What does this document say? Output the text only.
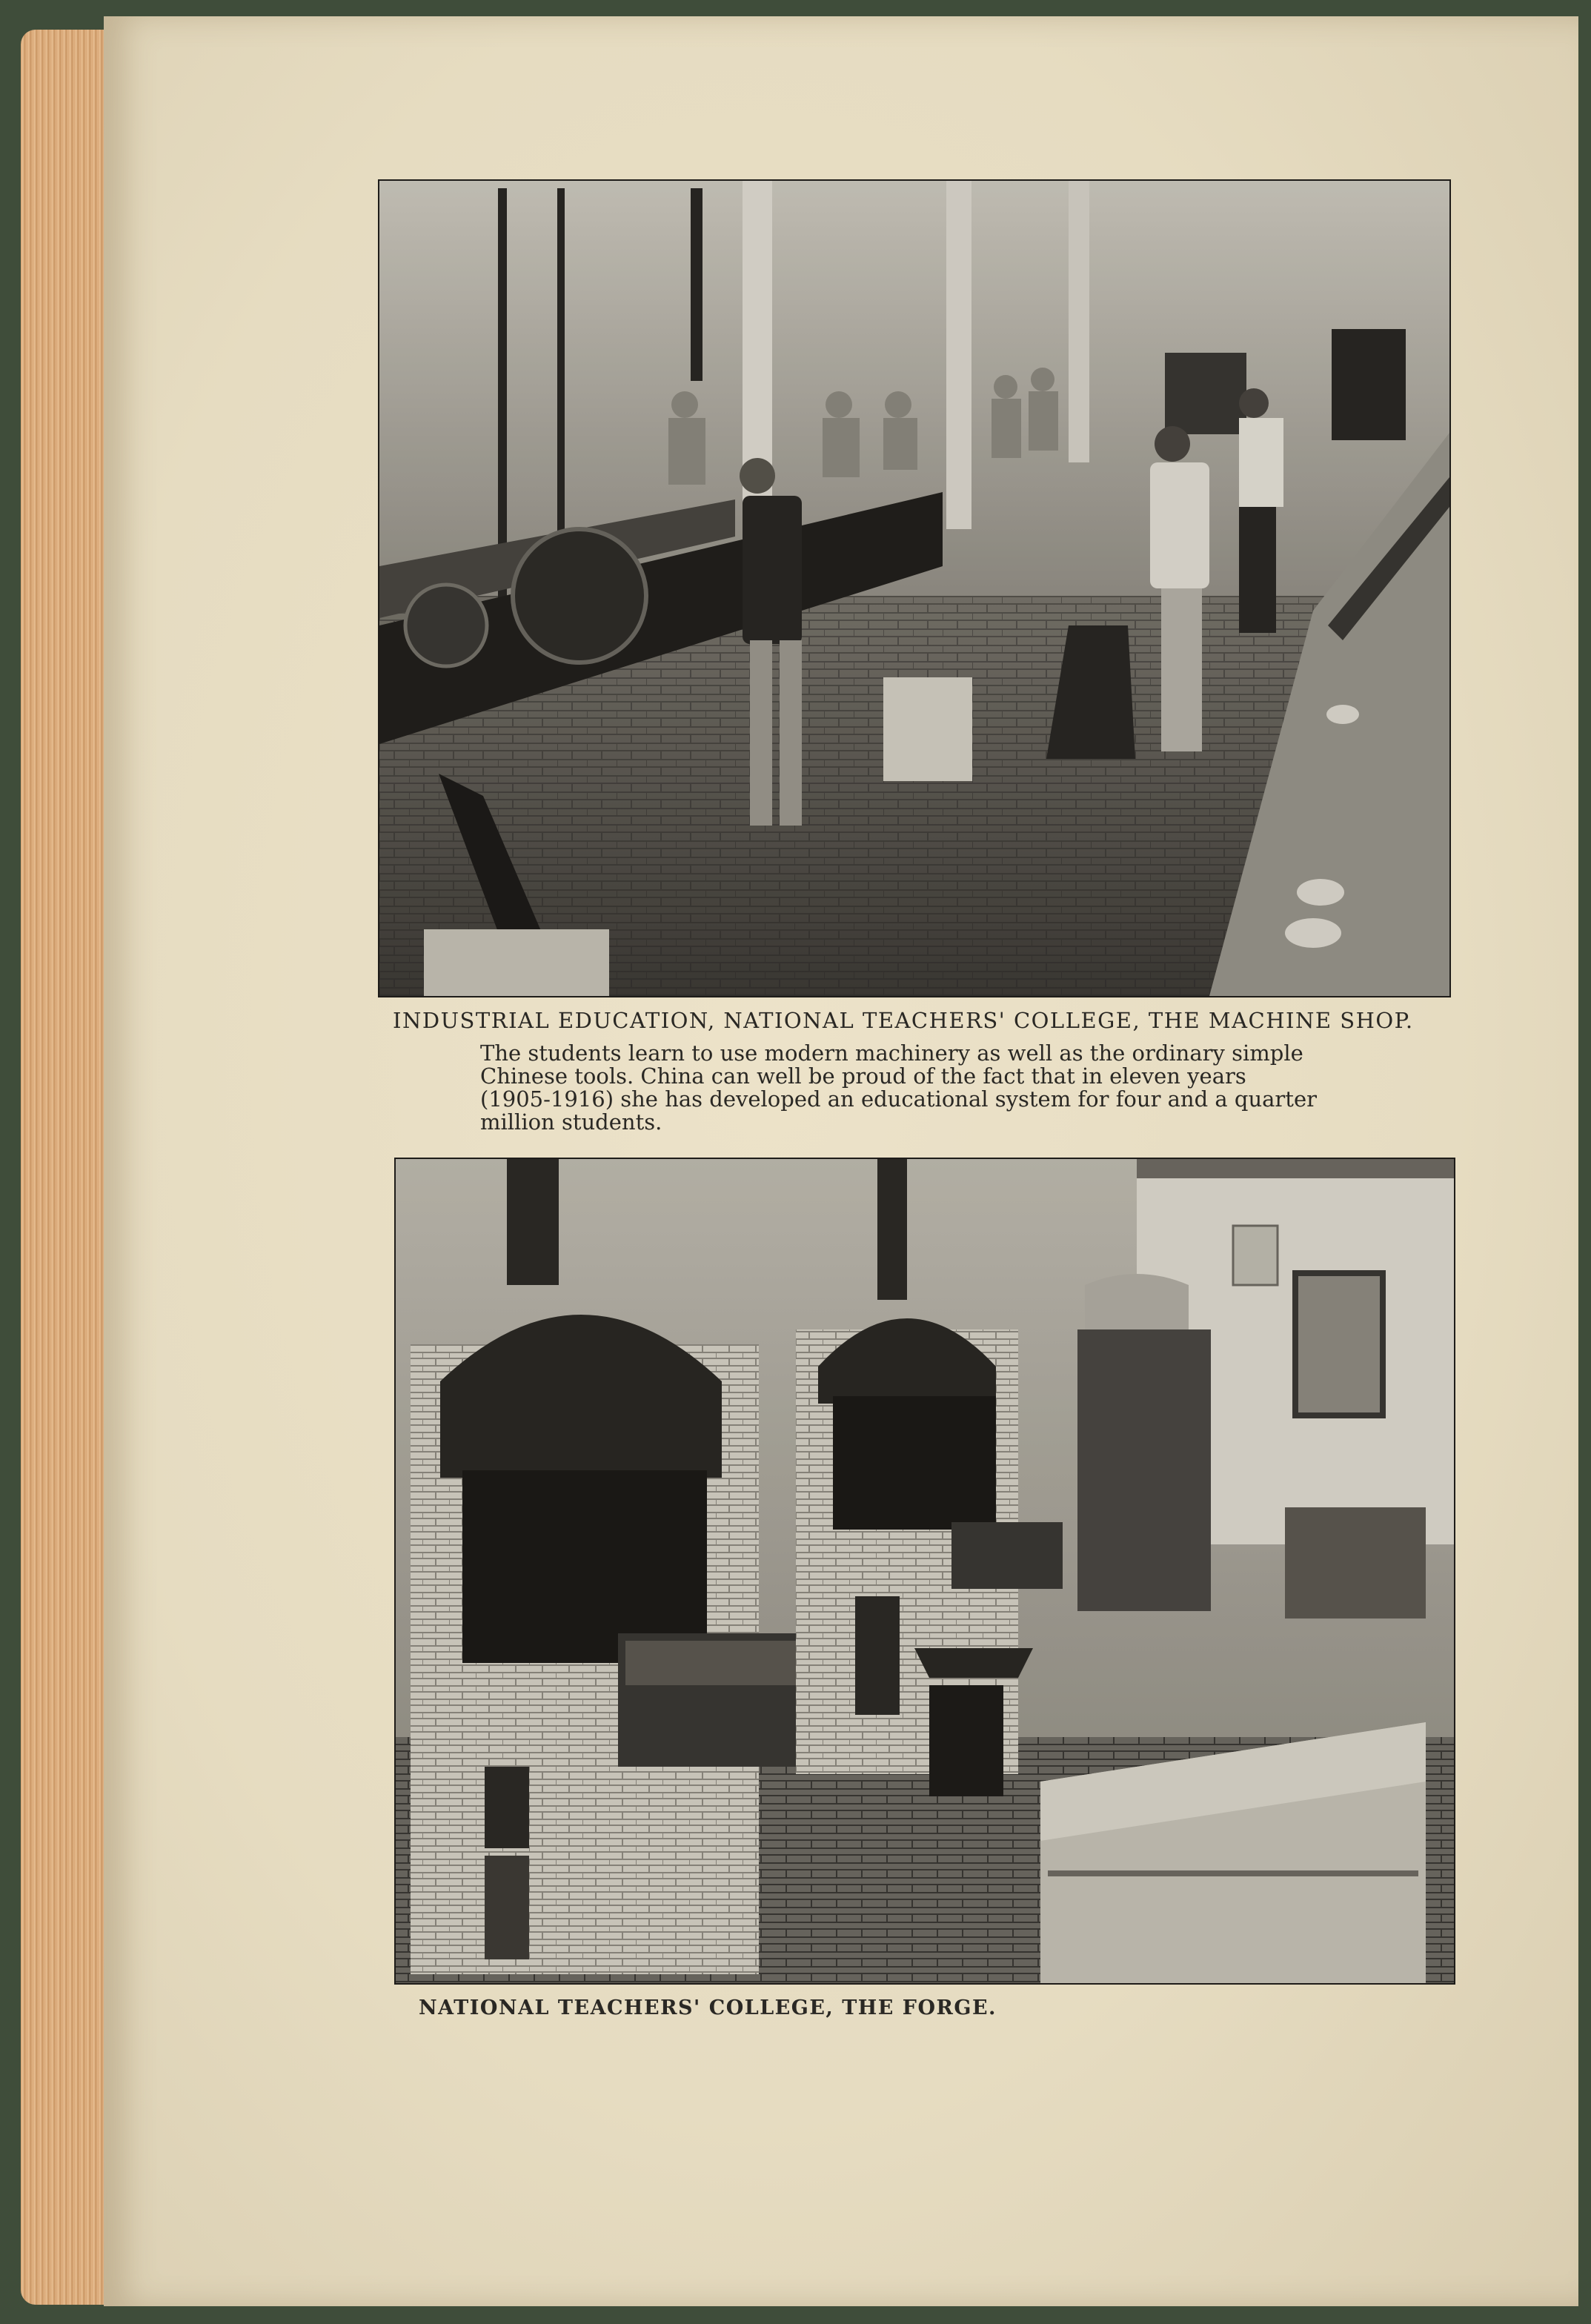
INDUSTRIAL EDUCATION, NATIONAL TEACHERS' COLLEGE, THE MACHINE SHOP.
The students learn to use modern machinery as well as the ordinary simple
Chinese tools. China can well be proud of the fact that in eleven years
(1905-1916) she has developed an educational system for four and a quarter
million students.
NATIONAL TEACHERS' COLLEGE, THE FORGE.
